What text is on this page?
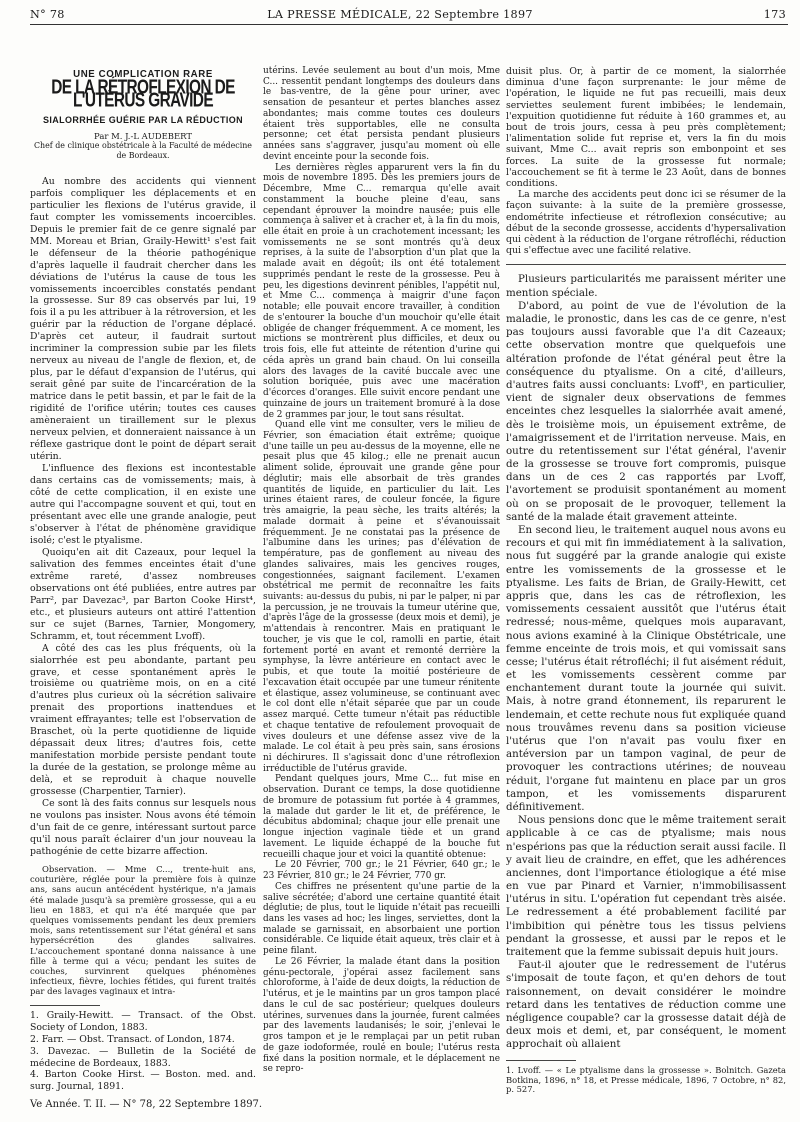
N° 78	LA PRESSE MÉDICALE, 22 Septembre 1897	173
UNE COMPLICATION RARE
DE LA RÉTROFLEXION DE L'UTÉRUS GRAVIDE
SIALORRHÉE GUÉRIE PAR LA RÉDUCTION
Par M. J.-L AUDEBERT
Chef de clinique obstétricale à la Faculté de médecine de Bordeaux.

Au nombre des accidents qui viennent parfois compliquer les déplacements et en particulier les flexions de l'utérus gravide, il faut compter les vomissements incoercibles. Depuis le premier fait de ce genre signalé par MM. Moreau et Brian, Graily-Hewitt¹ s'est fait le défenseur de la théorie pathogénique d'après laquelle il faudrait chercher dans les déviations de l'utérus la cause de tous les vomissements incoercibles constatés pendant la grossesse. Sur 89 cas observés par lui, 19 fois il a pu les attribuer à la rétroversion, et les guérir par la réduction de l'organe déplacé. D'après cet auteur, il faudrait surtout incriminer la compression subie par les filets nerveux au niveau de l'angle de flexion, et, de plus, par le défaut d'expansion de l'utérus, qui serait gêné par suite de l'incarcération de la matrice dans le petit bassin, et par le fait de la rigidité de l'orifice utérin; toutes ces causes amèneraient un tiraillement sur le plexus nerveux pelvien, et donneraient naissance à un réflexe gastrique dont le point de départ serait utérin.

L'influence des flexions est incontestable dans certains cas de vomissements; mais, à côté de cette complication, il en existe une autre qui l'accompagne souvent et qui, tout en présentant avec elle une grande analogie, peut s'observer à l'état de phénomène gravidique isolé; c'est le ptyalisme.

Quoiqu'en ait dit Cazeaux, pour lequel la salivation des femmes enceintes était d'une extrême rareté, d'assez nombreuses observations ont été publiées, entre autres par Parr², par Davezac³, par Barton Cooke Hirst⁴, etc., et plusieurs auteurs ont attiré l'attention sur ce sujet (Barnes, Tarnier, Mongomery, Schramm, et, tout récemment Lvoff).

A côté des cas les plus fréquents, où la sialorrhée est peu abondante, partant peu grave, et cesse spontanément après le troisième ou quatrième mois, on en a cité d'autres plus curieux où la sécrétion salivaire prenait des proportions inattendues et vraiment effrayantes; telle est l'observation de Braschet, où la perte quotidienne de liquide dépassait deux litres; d'autres fois, cette manifestation morbide persiste pendant toute la durée de la gestation, se prolonge même au delà, et se reproduit à chaque nouvelle grossesse (Charpentier, Tarnier).

Ce sont là des faits connus sur lesquels nous ne voulons pas insister. Nous avons été témoin d'un fait de ce genre, intéressant surtout parce qu'il nous paraît éclairer d'un jour nouveau la pathogénie de cette bizarre affection.

Observation. — Mme C..., trente-huit ans, couturière, réglée pour la première fois à quinze ans, sans aucun antécédent hystérique, n'a jamais été malade jusqu'à sa première grossesse, qui a eu lieu en 1883, et qui n'a été marquée que par quelques vomissements pendant les deux premiers mois, sans retentissement sur l'état général et sans hypersécrétion des glandes salivaires. L'accouchement spontané donna naissance à une fille à terme qui a vécu; pendant les suites de couches, survinrent quelques phénomènes infectieux, fièvre, lochies fétides, qui furent traités par des lavages vaginaux et intra-

1. Graily-Hewitt. — Transact. of the Obst. Society of London, 1883.

2. Farr. — Obst. Transact. of London, 1874.

3. Davezac. — Bulletin de la Société de médecine de Bordeaux, 1883.

4. Barton Cooke Hirst. — Boston. med. and. surg. Journal, 1891.

utérins. Levée seulement au bout d'un mois, Mme C... ressentit pendant longtemps des douleurs dans le bas-ventre, de la gêne pour uriner, avec sensation de pesanteur et pertes blanches assez abondantes; mais comme toutes ces douleurs étaient très supportables, elle ne consulta personne; cet état persista pendant plusieurs années sans s'aggraver, jusqu'au moment où elle devint enceinte pour la seconde fois.

Les dernières règles apparurent vers la fin du mois de novembre 1895. Dès les premiers jours de Décembre, Mme C... remarqua qu'elle avait constamment la bouche pleine d'eau, sans cependant éprouver la moindre nausée; puis elle commença à saliver et à cracher et, à la fin du mois, elle était en proie à un crachotement incessant; les vomissements ne se sont montrés qu'à deux reprises, à la suite de l'absorption d'un plat que la malade avait en dégoût; ils ont été totalement supprimés pendant le reste de la grossesse. Peu à peu, les digestions devinrent pénibles, l'appétit nul, et Mme C... commença à maigrir d'une façon notable; elle pouvait encore travailler, à condition de s'entourer la bouche d'un mouchoir qu'elle était obligée de changer fréquemment. A ce moment, les mictions se montrèrent plus difficiles, et deux ou trois fois, elle fut atteinte de rétention d'urine qui céda après un grand bain chaud. On lui conseilla alors des lavages de la cavité buccale avec une solution boriquée, puis avec une macération d'écorces d'oranges. Elle suivit encore pendant une quinzaine de jours un traitement bromuré à la dose de 2 grammes par jour, le tout sans résultat.

Quand elle vint me consulter, vers le milieu de Février, son émaciation était extrême; quoique d'une taille un peu au-dessus de la moyenne, elle ne pesait plus que 45 kilog.; elle ne prenait aucun aliment solide, éprouvait une grande gêne pour déglutir; mais elle absorbait de très grandes quantités de liquide, en particulier du lait. Les urines étaient rares, de couleur foncée, la figure très amaigrie, la peau sèche, les traits altérés; la malade dormait à peine et s'évanouissait fréquemment. Je ne constatai pas la présence de l'albumine dans les urines; pas d'élévation de température, pas de gonflement au niveau des glandes salivaires, mais les gencives rouges, congestionnées, saignant facilement. L'examen obstétrical me permit de reconnaître les faits suivants: au-dessus du pubis, ni par le palper, ni par la percussion, je ne trouvais la tumeur utérine que, d'après l'âge de la grossesse (deux mois et demi), je m'attendais à rencontrer. Mais en pratiquant le toucher, je vis que le col, ramolli en partie, était fortement porté en avant et remonté derrière la symphyse, la lèvre antérieure en contact avec le pubis, et que toute la moitié postérieure de l'excavation était occupée par une tumeur rénitente et élastique, assez volumineuse, se continuant avec le col dont elle n'était séparée que par un coude assez marqué. Cette tumeur n'était pas réductible et chaque tentative de refoulement provoquait de vives douleurs et une défense assez vive de la malade. Le col était à peu près sain, sans érosions ni déchirures. Il s'agissait donc d'une rétroflexion irréductible de l'utérus gravide.

Pendant quelques jours, Mme C... fut mise en observation. Durant ce temps, la dose quotidienne de bromure de potassium fut portée à 4 grammes, la malade dut garder le lit et, de préférence, le décubitus abdominal; chaque jour elle prenait une longue injection vaginale tiède et un grand lavement. Le liquide échappé de la bouche fut recueilli chaque jour et voici la quantité obtenue:

Le 20 Février, 700 gr.; le 21 Février, 640 gr.; le 23 Février, 810 gr.; le 24 Février, 770 gr.

Ces chiffres ne présentent qu'une partie de la salive sécrétée; d'abord une certaine quantité était déglutie; de plus, tout le liquide n'était pas recueilli dans les vases ad hoc; les linges, serviettes, dont la malade se garnissait, en absorbaient une portion considérable. Ce liquide était aqueux, très clair et à peine filant.

Le 26 Février, la malade étant dans la position génu-pectorale, j'opérai assez facilement sans chloroforme, à l'aide de deux doigts, la réduction de l'utérus, et je le maintins par un gros tampon placé dans le cul de sac postérieur; quelques douleurs utérines, survenues dans la journée, furent calmées par des lavements laudanisés; le soir, j'enlevai le gros tampon et je le remplaçai par un petit ruban de gaze iodoformée, roulé en boule; l'utérus resta fixé dans la position normale, et le déplacement ne se repro-

duisit plus. Or, à partir de ce moment, la sialorrhée diminua d'une façon surprenante: le jour même de l'opération, le liquide ne fut pas recueilli, mais deux serviettes seulement furent imbibées; le lendemain, l'expuition quotidienne fut réduite à 160 grammes et, au bout de trois jours, cessa à peu près complètement; l'alimentation solide fut reprise et, vers la fin du mois suivant, Mme C... avait repris son embonpoint et ses forces. La suite de la grossesse fut normale; l'accouchement se fit à terme le 23 Août, dans de bonnes conditions.

La marche des accidents peut donc ici se résumer de la façon suivante: à la suite de la première grossesse, endométrite infectieuse et rétroflexion consécutive; au début de la seconde grossesse, accidents d'hypersalivation qui cèdent à la réduction de l'organe rétrofléchi, réduction qui s'effectue avec une facilité relative.

Plusieurs particularités me paraissent mériter une mention spéciale.

D'abord, au point de vue de l'évolution de la maladie, le pronostic, dans les cas de ce genre, n'est pas toujours aussi favorable que l'a dit Cazeaux; cette observation montre que quelquefois une altération profonde de l'état général peut être la conséquence du ptyalisme. On a cité, d'ailleurs, d'autres faits aussi concluants: Lvoff¹, en particulier, vient de signaler deux observations de femmes enceintes chez lesquelles la sialorrhée avait amené, dès le troisième mois, un épuisement extrême, de l'amaigrissement et de l'irritation nerveuse. Mais, en outre du retentissement sur l'état général, l'avenir de la grossesse se trouve fort compromis, puisque dans un de ces 2 cas rapportés par Lvoff, l'avortement se produisit spontanément au moment où on se proposait de le provoquer, tellement la santé de la malade était gravement atteinte.

En second lieu, le traitement auquel nous avons eu recours et qui mit fin immédiatement à la salivation, nous fut suggéré par la grande analogie qui existe entre les vomissements de la grossesse et le ptyalisme. Les faits de Brian, de Graily-Hewitt, cet appris que, dans les cas de rétroflexion, les vomissements cessaient aussitôt que l'utérus était redressé; nous-même, quelques mois auparavant, nous avions examiné à la Clinique Obstétricale, une femme enceinte de trois mois, et qui vomissait sans cesse; l'utérus était rétrofléchi; il fut aisément réduit, et les vomissements cessèrent comme par enchantement durant toute la journée qui suivit. Mais, à notre grand étonnement, ils reparurent le lendemain, et cette rechute nous fut expliquée quand nous trouvâmes revenu dans sa position vicieuse l'utérus que l'on n'avait pas voulu fixer en antéversion par un tampon vaginal, de peur de provoquer les contractions utérines; de nouveau réduit, l'organe fut maintenu en place par un gros tampon, et les vomissements disparurent définitivement.

Nous pensions donc que le même traitement serait applicable à ce cas de ptyalisme; mais nous n'espérions pas que la réduction serait aussi facile. Il y avait lieu de craindre, en effet, que les adhérences anciennes, dont l'importance étiologique a été mise en vue par Pinard et Varnier, n'immobilisassent l'utérus in situ. L'opération fut cependant très aisée. Le redressement a été probablement facilité par l'imbibition qui pénètre tous les tissus pelviens pendant la grossesse, et aussi par le repos et le traitement que la femme subissait depuis huit jours.

Faut-il ajouter que le redressement de l'utérus s'imposait de toute façon, et qu'en dehors de tout raisonnement, on devait considérer le moindre retard dans les tentatives de réduction comme une négligence coupable? car la grossesse datait déjà de deux mois et demi, et, par conséquent, le moment approchait où allaient

1. Lvoff. — « Le ptyalisme dans la grossesse ». Bolnitch. Gazeta Botkina, 1896, n° 18, et Presse médicale, 1896, 7 Octobre, n° 82, p. 527.

Ve Année. T. II. — N° 78, 22 Septembre 1897.
